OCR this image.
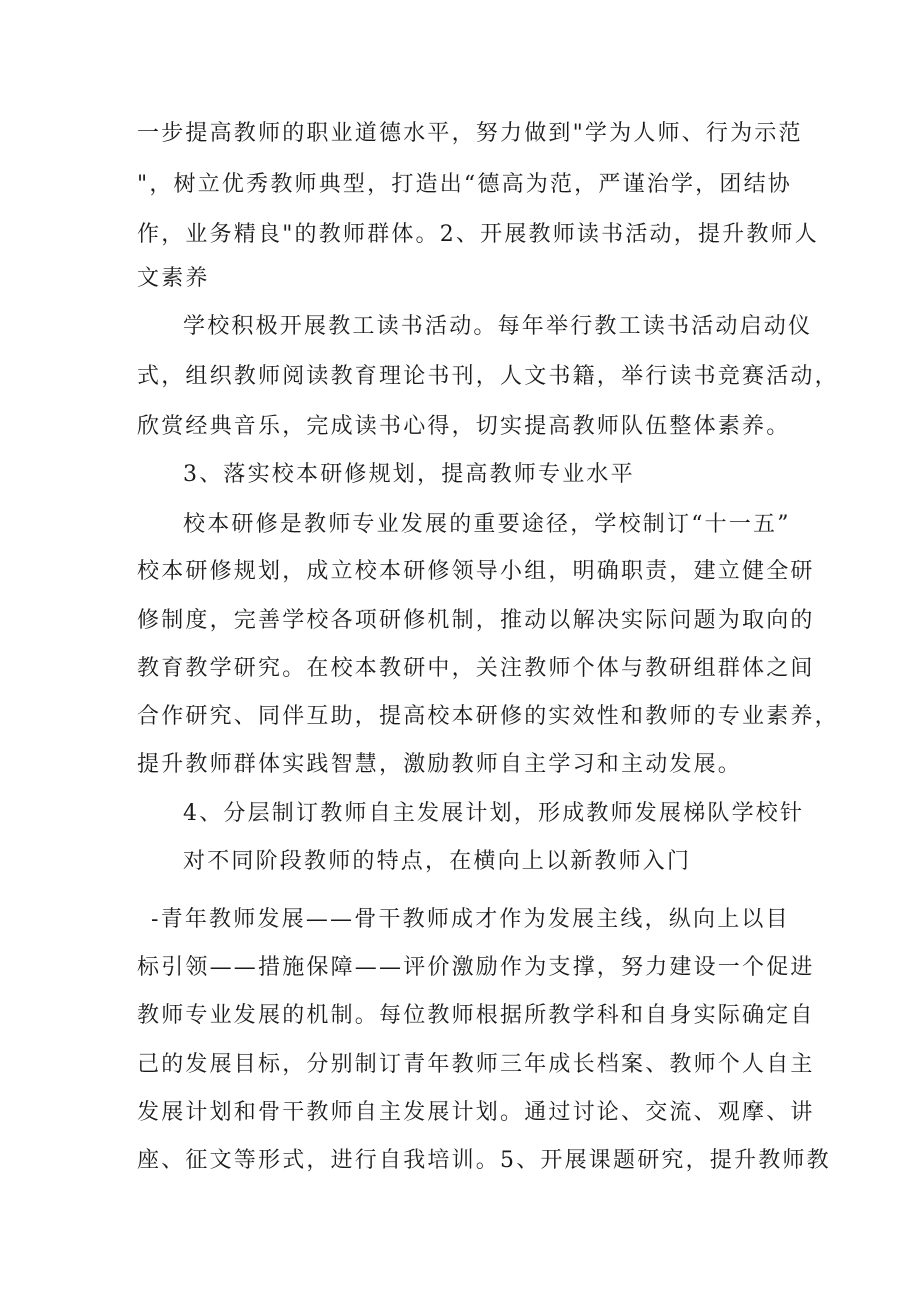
一步提高教师的职业道德水平，努力做到"学为人师、行为示范
"，树立优秀教师典型，打造出“德高为范，严谨治学，团结协
作，业务精良"的教师群体。2、开展教师读书活动，提升教师人
文素养
学校积极开展教工读书活动。每年举行教工读书活动启动仪
式，组织教师阅读教育理论书刊，人文书籍，举行读书竞赛活动，
欣赏经典音乐，完成读书心得，切实提高教师队伍整体素养。
3、落实校本研修规划，提高教师专业水平
校本研修是教师专业发展的重要途径，学校制订“十一五”
校本研修规划，成立校本研修领导小组，明确职责，建立健全研
修制度，完善学校各项研修机制，推动以解决实际问题为取向的
教育教学研究。在校本教研中，关注教师个体与教研组群体之间
合作研究、同伴互助，提高校本研修的实效性和教师的专业素养，
提升教师群体实践智慧，激励教师自主学习和主动发展。
4、分层制订教师自主发展计划，形成教师发展梯队学校针
对不同阶段教师的特点，在横向上以新教师入门
-青年教师发展——骨干教师成才作为发展主线，纵向上以目
标引领——措施保障——评价激励作为支撑，努力建设一个促进
教师专业发展的机制。每位教师根据所教学科和自身实际确定自
己的发展目标，分别制订青年教师三年成长档案、教师个人自主
发展计划和骨干教师自主发展计划。通过讨论、交流、观摩、讲
座、征文等形式，进行自我培训。5、开展课题研究，提升教师教
